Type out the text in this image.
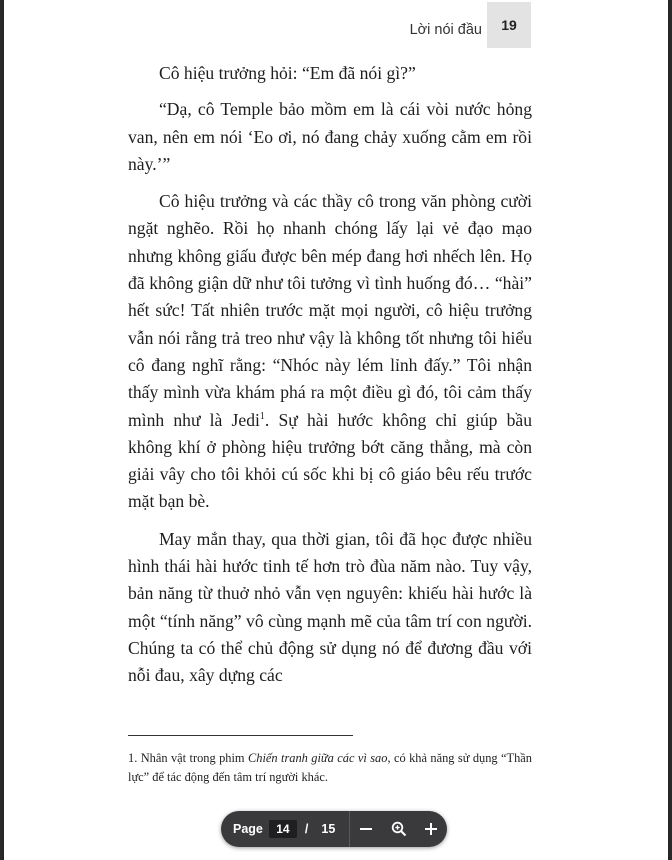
Lời nói đầu	19

Cô hiệu trưởng hỏi: “Em đã nói gì?”

“Dạ, cô Temple bảo mồm em là cái vòi nước hỏng van, nên em nói ‘Eo ơi, nó đang chảy xuống cằm em rồi này.’”

Cô hiệu trưởng và các thầy cô trong văn phòng cười ngặt nghẽo. Rồi họ nhanh chóng lấy lại vẻ đạo mạo nhưng không giấu được bên mép đang hơi nhếch lên. Họ đã không giận dữ như tôi tưởng vì tình huống đó… “hài” hết sức! Tất nhiên trước mặt mọi người, cô hiệu trưởng vẫn nói rằng trả treo như vậy là không tốt nhưng tôi hiểu cô đang nghĩ rằng: “Nhóc này lém lỉnh đấy.” Tôi nhận thấy mình vừa khám phá ra một điều gì đó, tôi cảm thấy mình như là Jedi$^1$. Sự hài hước không chỉ giúp bầu không khí ở phòng hiệu trưởng bớt căng thẳng, mà còn giải vây cho tôi khỏi cú sốc khi bị cô giáo bêu rếu trước mặt bạn bè.

May mắn thay, qua thời gian, tôi đã học được nhiều hình thái hài hước tinh tế hơn trò đùa năm nào. Tuy vậy, bản năng từ thuở nhỏ vẫn vẹn nguyên: khiếu hài hước là một “tính năng” vô cùng mạnh mẽ của tâm trí con người. Chúng ta có thể chủ động sử dụng nó để đương đầu với nỗi đau, xây dựng các

1. Nhân vật trong phim Chiến tranh giữa các vì sao, có khả năng sử dụng “Thần lực” để tác động đến tâm trí người khác.
Page
14	/ 15
